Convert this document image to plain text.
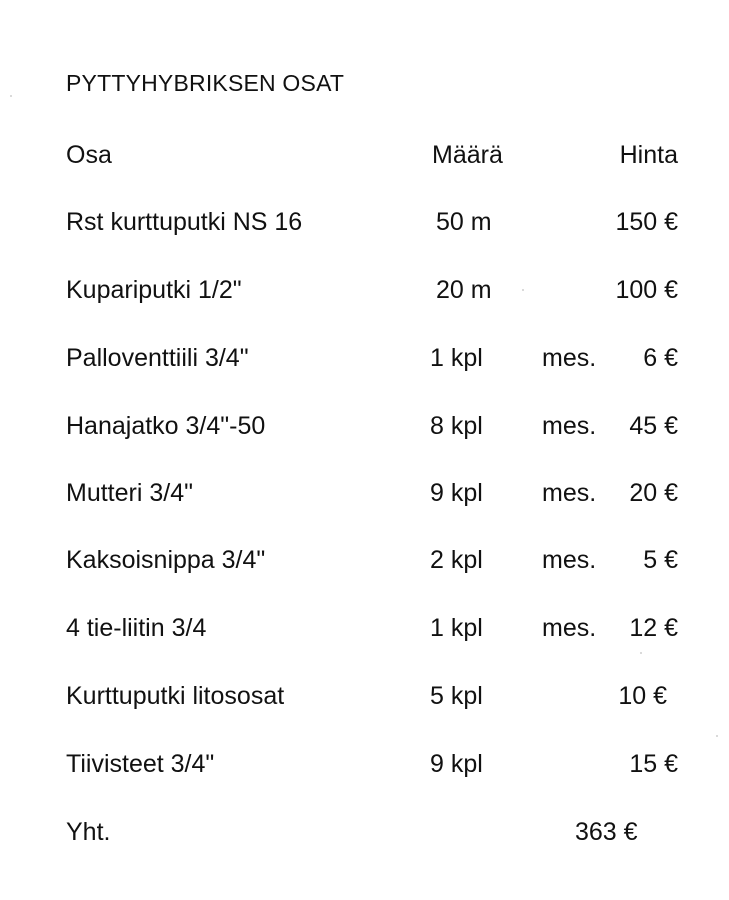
PYTTYHYBRIKSEN OSAT
Osa	Määrä	Hinta
Rst kurttuputki NS 16	50 m	150 €
Kupariputki 1/2"	20 m	100 €
Palloventtiili 3/4"	1 kpl mes. 6 €
Hanajatko 3/4"-50	8 kpl mes. 45 €
Mutteri 3/4"	9 kpl mes. 20 €
Kaksoisnippa 3/4"	2 kpl mes. 5 €
4 tie-liitin 3/4	1 kpl mes. 12 €
Kurttuputki litososat	5 kpl	10 €
Tiivisteet 3/4"	9 kpl	15 €
Yht.	363 €
